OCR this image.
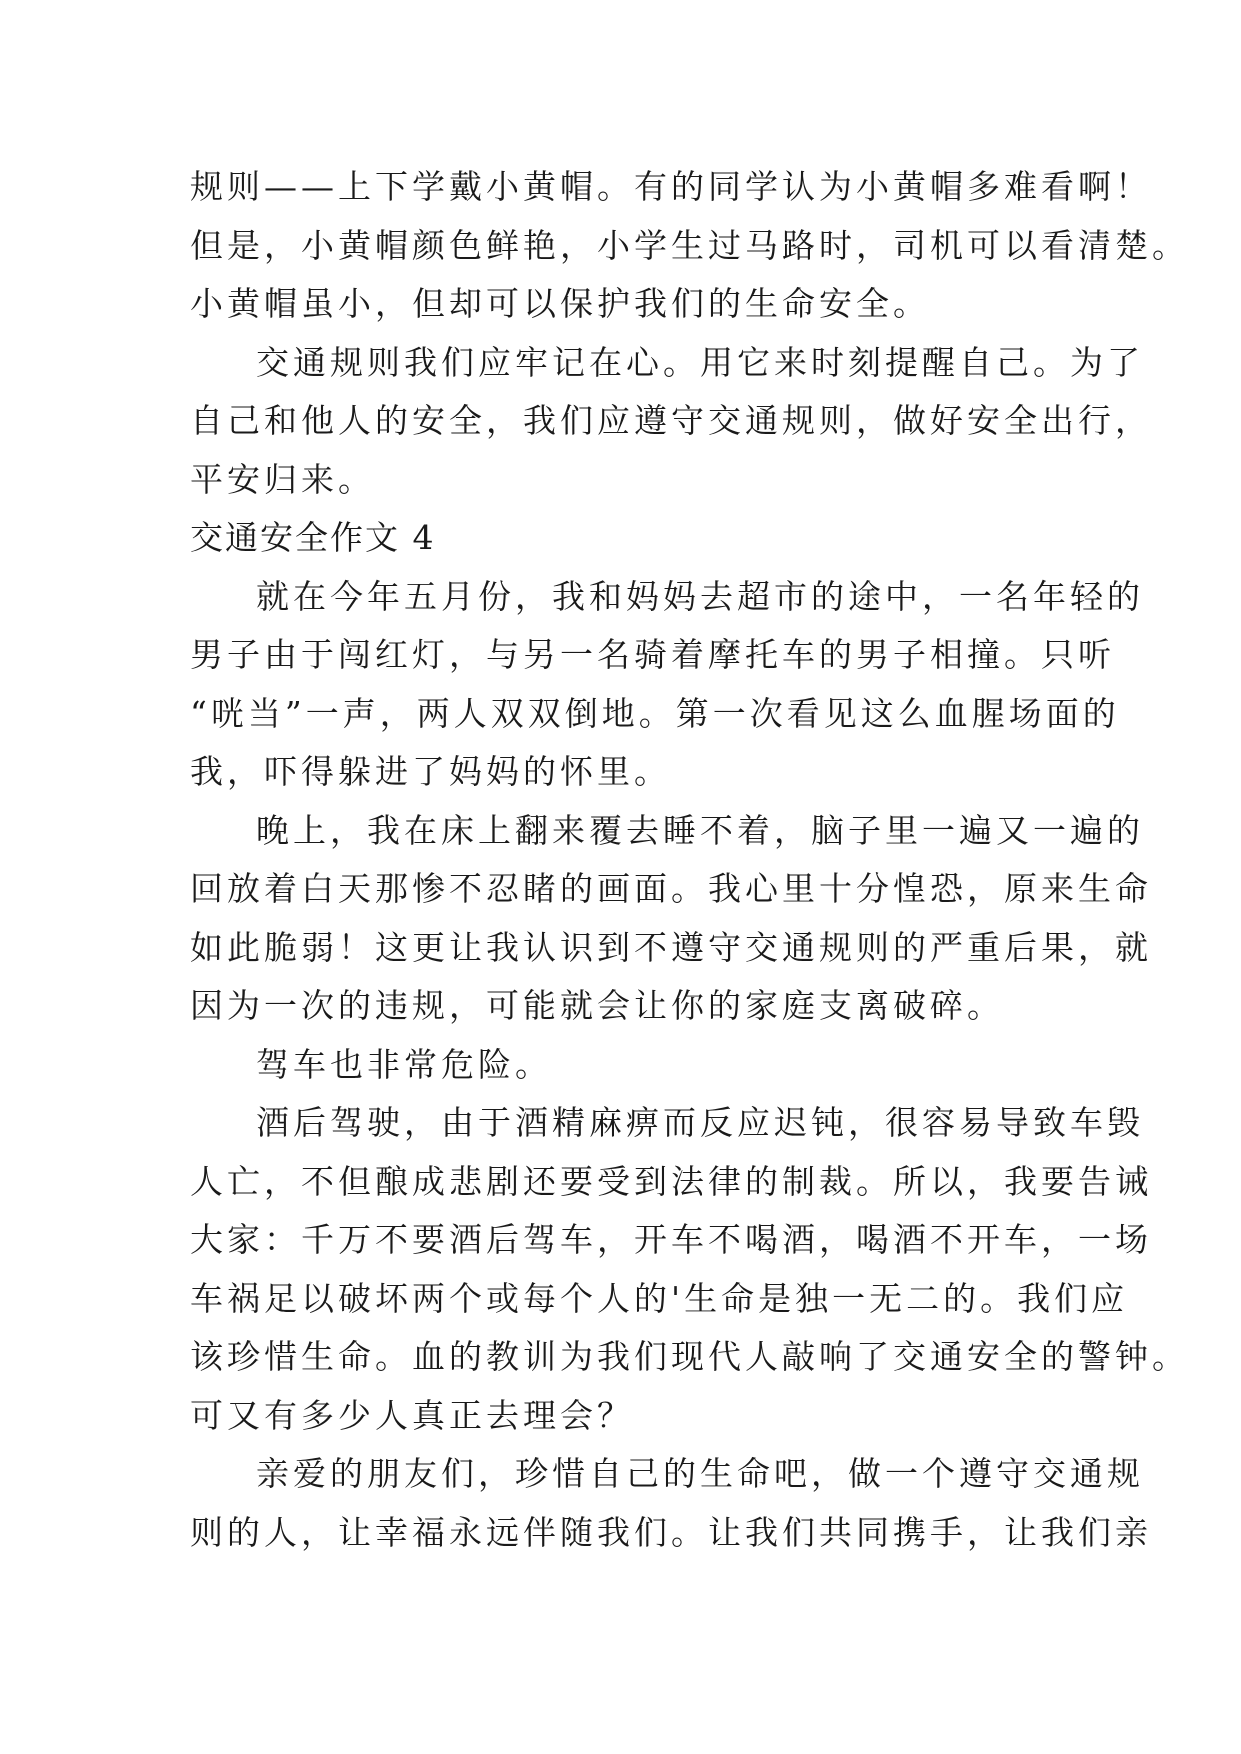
规则——上下学戴小黄帽。有的同学认为小黄帽多难看啊！
但是，小黄帽颜色鲜艳，小学生过马路时，司机可以看清楚。
小黄帽虽小，但却可以保护我们的生命安全。
交通规则我们应牢记在心。用它来时刻提醒自己。为了
自己和他人的安全，我们应遵守交通规则，做好安全出行，
平安归来。
交通安全作文 4
就在今年五月份，我和妈妈去超市的途中，一名年轻的
男子由于闯红灯，与另一名骑着摩托车的男子相撞。只听
“咣当”一声，两人双双倒地。第一次看见这么血腥场面的
我，吓得躲进了妈妈的怀里。
晚上，我在床上翻来覆去睡不着，脑子里一遍又一遍的
回放着白天那惨不忍睹的画面。我心里十分惶恐，原来生命
如此脆弱！这更让我认识到不遵守交通规则的严重后果，就
因为一次的违规，可能就会让你的家庭支离破碎。
驾车也非常危险。
酒后驾驶，由于酒精麻痹而反应迟钝，很容易导致车毁
人亡，不但酿成悲剧还要受到法律的制裁。所以，我要告诫
大家：千万不要酒后驾车，开车不喝酒，喝酒不开车，一场
车祸足以破坏两个或每个人的'生命是独一无二的。我们应
该珍惜生命。血的教训为我们现代人敲响了交通安全的警钟。
可又有多少人真正去理会？
亲爱的朋友们，珍惜自己的生命吧，做一个遵守交通规
则的人，让幸福永远伴随我们。让我们共同携手，让我们亲
